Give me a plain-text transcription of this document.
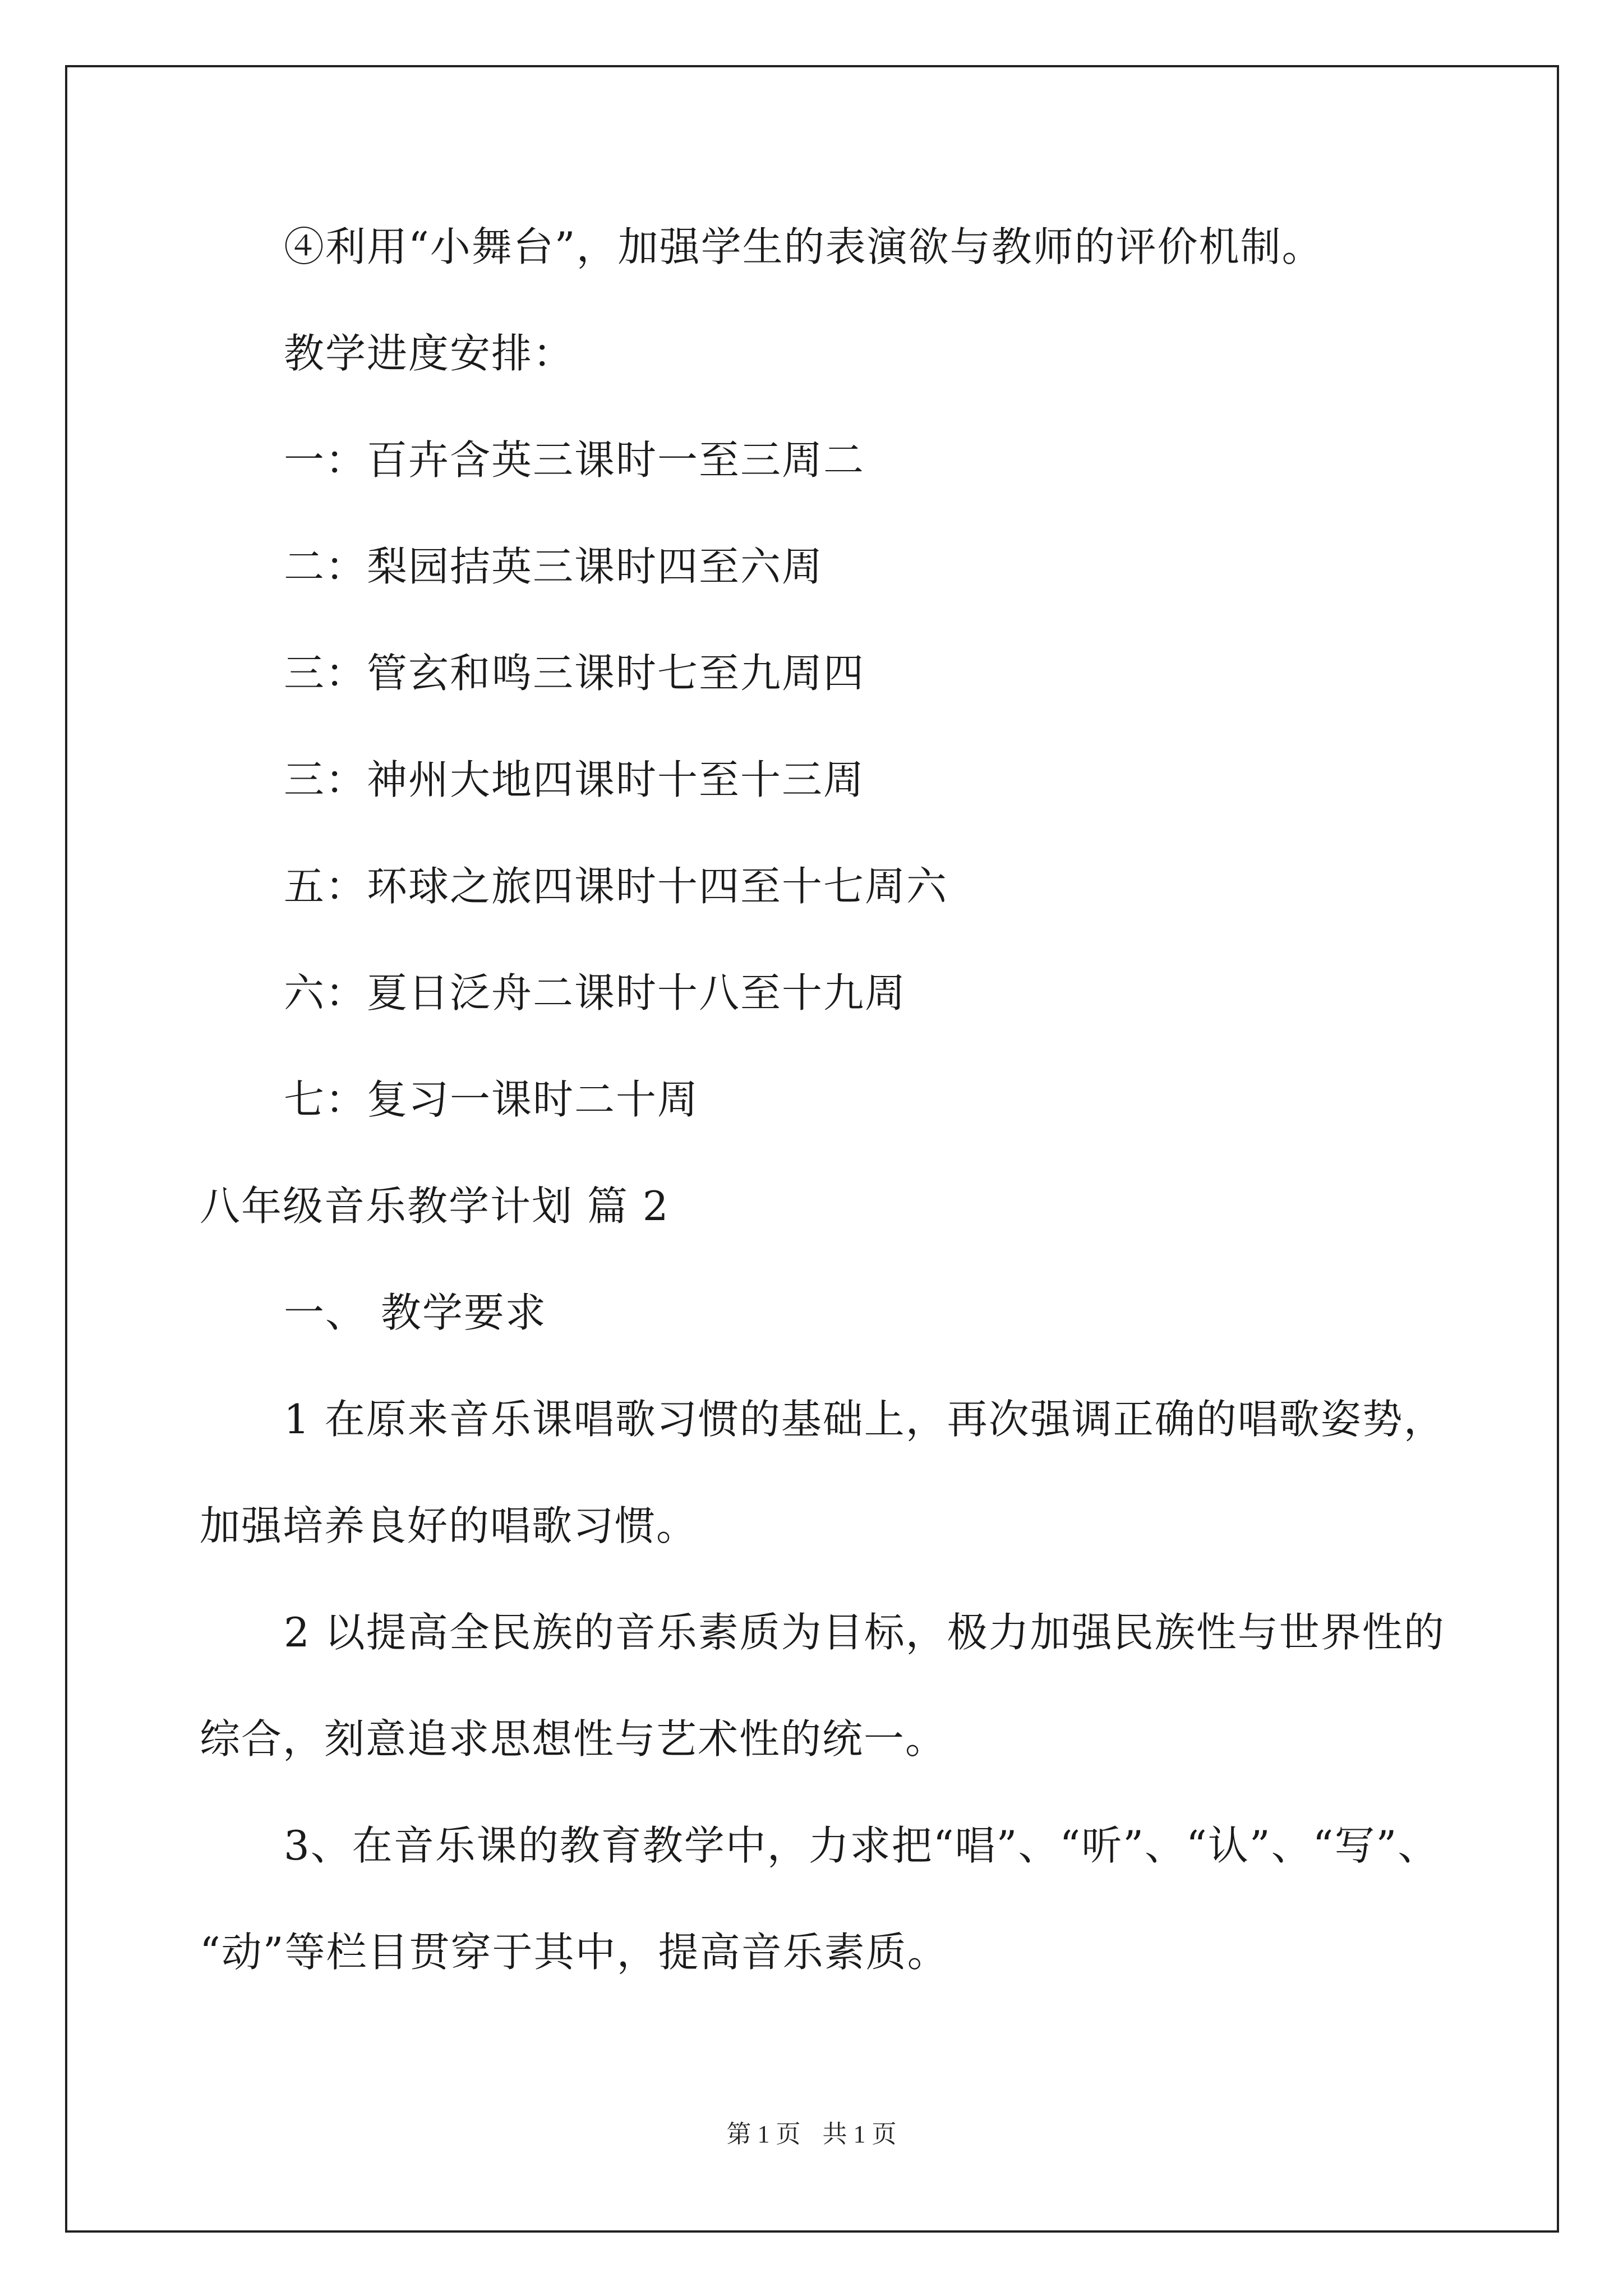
④利用“小舞台”，加强学生的表演欲与教师的评价机制。
教学进度安排：
一：百卉含英三课时一至三周二
二：梨园拮英三课时四至六周
三：管玄和鸣三课时七至九周四
三：神州大地四课时十至十三周
五：环球之旅四课时十四至十七周六
六：夏日泛舟二课时十八至十九周
七：复习一课时二十周
八年级音乐教学计划 篇 2
一、 教学要求
1 在原来音乐课唱歌习惯的基础上，再次强调正确的唱歌姿势，
加强培养良好的唱歌习惯。
2 以提高全民族的音乐素质为目标，极力加强民族性与世界性的
综合，刻意追求思想性与艺术性的统一。
3、在音乐课的教育教学中，力求把“唱”、“听”、“认”、“写”、
“动”等栏目贯穿于其中，提高音乐素质。
第 1 页 共 1 页
